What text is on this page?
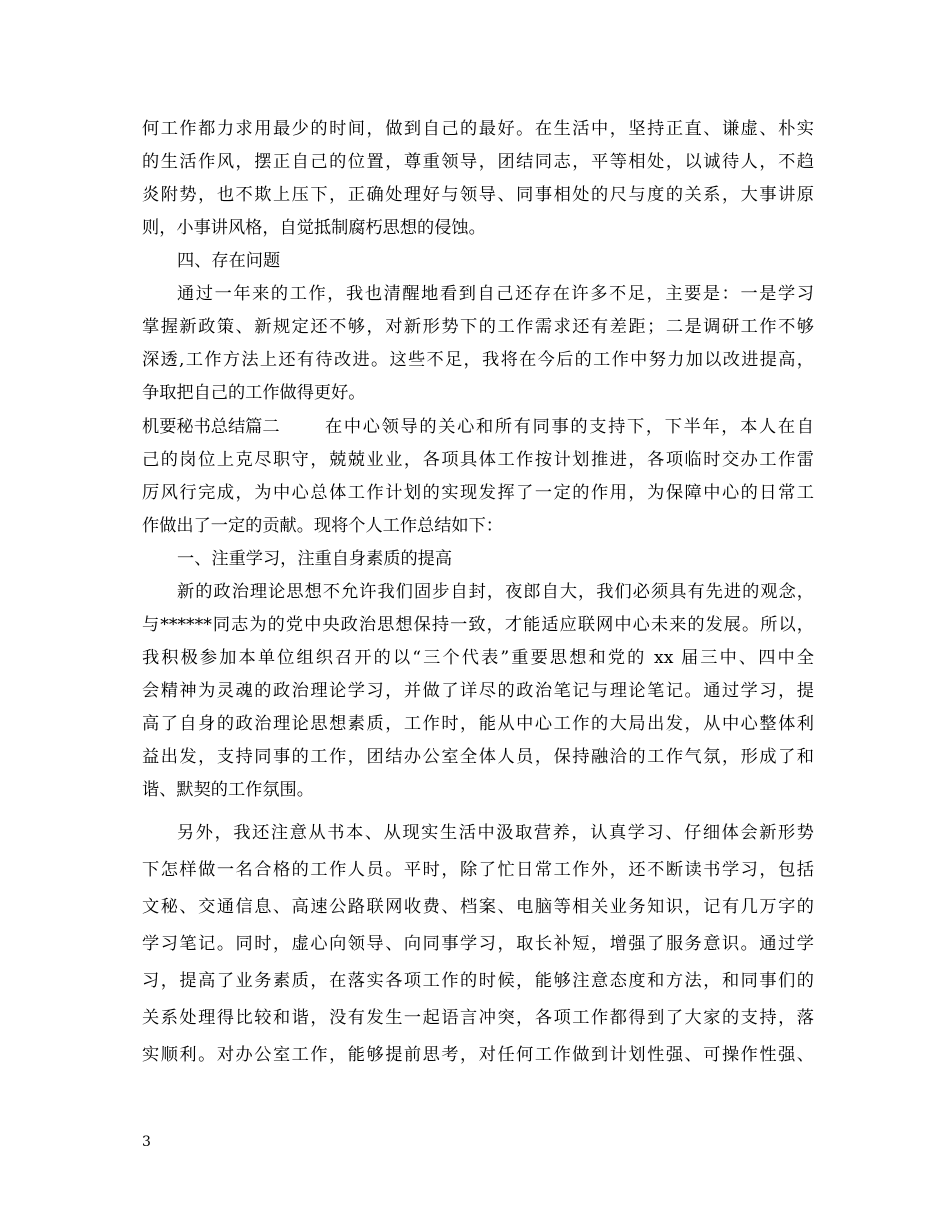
何工作都力求用最少的时间，做到自己的最好。在生活中，坚持正直、谦虚、朴实
的生活作风，摆正自己的位置，尊重领导，团结同志，平等相处，以诚待人，不趋
炎附势，也不欺上压下，正确处理好与领导、同事相处的尺与度的关系，大事讲原
则，小事讲风格，自觉抵制腐朽思想的侵蚀。
四、存在问题
通过一年来的工作，我也清醒地看到自己还存在许多不足，主要是：一是学习
掌握新政策、新规定还不够，对新形势下的工作需求还有差距；二是调研工作不够
深透,工作方法上还有待改进。这些不足，我将在今后的工作中努力加以改进提高，
争取把自己的工作做得更好。
机要秘书总结篇二	在中心领导的关心和所有同事的支持下，下半年，本人在自
己的岗位上克尽职守，兢兢业业，各项具体工作按计划推进，各项临时交办工作雷
厉风行完成，为中心总体工作计划的实现发挥了一定的作用，为保障中心的日常工
作做出了一定的贡献。现将个人工作总结如下：
一、注重学习，注重自身素质的提高
新的政治理论思想不允许我们固步自封，夜郎自大，我们必须具有先进的观念，
与******同志为的党中央政治思想保持一致，才能适应联网中心未来的发展。所以，
我积极参加本单位组织召开的以“三个代表”重要思想和党的 xx 届三中、四中全
会精神为灵魂的政治理论学习，并做了详尽的政治笔记与理论笔记。通过学习，提
高了自身的政治理论思想素质，工作时，能从中心工作的大局出发，从中心整体利
益出发，支持同事的工作，团结办公室全体人员，保持融洽的工作气氛，形成了和
谐、默契的工作氛围。
另外，我还注意从书本、从现实生活中汲取营养，认真学习、仔细体会新形势
下怎样做一名合格的工作人员。平时，除了忙日常工作外，还不断读书学习，包括
文秘、交通信息、高速公路联网收费、档案、电脑等相关业务知识，记有几万字的
学习笔记。同时，虚心向领导、向同事学习，取长补短，增强了服务意识。通过学
习，提高了业务素质，在落实各项工作的时候，能够注意态度和方法，和同事们的
关系处理得比较和谐，没有发生一起语言冲突，各项工作都得到了大家的支持，落
实顺利。对办公室工作，能够提前思考，对任何工作做到计划性强、可操作性强、
3
